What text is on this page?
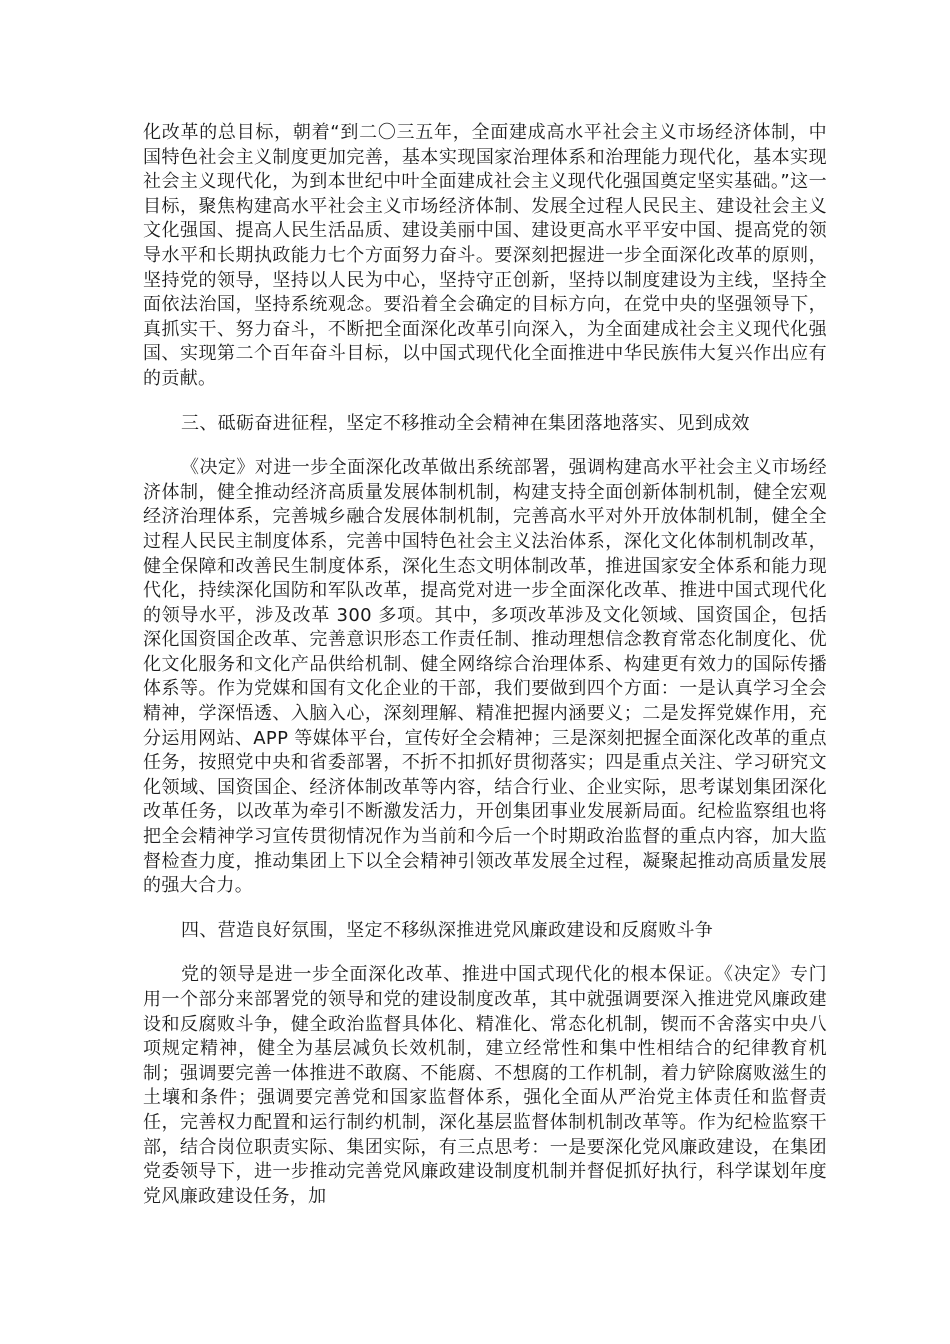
化改革的总目标，朝着“到二〇三五年，全面建成高水平社会主义市场经济体制，中国特色社会主义制度更加完善，基本实现国家治理体系和治理能力现代化，基本实现社会主义现代化，为到本世纪中叶全面建成社会主义现代化强国奠定坚实基础。”这一目标，聚焦构建高水平社会主义市场经济体制、发展全过程人民民主、建设社会主义文化强国、提高人民生活品质、建设美丽中国、建设更高水平平安中国、提高党的领导水平和长期执政能力七个方面努力奋斗。要深刻把握进一步全面深化改革的原则，坚持党的领导，坚持以人民为中心，坚持守正创新，坚持以制度建设为主线，坚持全面依法治国，坚持系统观念。要沿着全会确定的目标方向，在党中央的坚强领导下，真抓实干、努力奋斗，不断把全面深化改革引向深入，为全面建成社会主义现代化强国、实现第二个百年奋斗目标，以中国式现代化全面推进中华民族伟大复兴作出应有的贡献。

三、砥砺奋进征程，坚定不移推动全会精神在集团落地落实、见到成效

《决定》对进一步全面深化改革做出系统部署，强调构建高水平社会主义市场经济体制，健全推动经济高质量发展体制机制，构建支持全面创新体制机制，健全宏观经济治理体系，完善城乡融合发展体制机制，完善高水平对外开放体制机制，健全全过程人民民主制度体系，完善中国特色社会主义法治体系，深化文化体制机制改革，健全保障和改善民生制度体系，深化生态文明体制改革，推进国家安全体系和能力现代化，持续深化国防和军队改革，提高党对进一步全面深化改革、推进中国式现代化的领导水平，涉及改革 300 多项。其中，多项改革涉及文化领域、国资国企，包括深化国资国企改革、完善意识形态工作责任制、推动理想信念教育常态化制度化、优化文化服务和文化产品供给机制、健全网络综合治理体系、构建更有效力的国际传播体系等。作为党媒和国有文化企业的干部，我们要做到四个方面：一是认真学习全会精神，学深悟透、入脑入心，深刻理解、精准把握内涵要义；二是发挥党媒作用，充分运用网站、APP 等媒体平台，宣传好全会精神；三是深刻把握全面深化改革的重点任务，按照党中央和省委部署，不折不扣抓好贯彻落实；四是重点关注、学习研究文化领域、国资国企、经济体制改革等内容，结合行业、企业实际，思考谋划集团深化改革任务，以改革为牵引不断激发活力，开创集团事业发展新局面。纪检监察组也将把全会精神学习宣传贯彻情况作为当前和今后一个时期政治监督的重点内容，加大监督检查力度，推动集团上下以全会精神引领改革发展全过程，凝聚起推动高质量发展的强大合力。

四、营造良好氛围，坚定不移纵深推进党风廉政建设和反腐败斗争

党的领导是进一步全面深化改革、推进中国式现代化的根本保证。《决定》专门用一个部分来部署党的领导和党的建设制度改革，其中就强调要深入推进党风廉政建设和反腐败斗争，健全政治监督具体化、精准化、常态化机制，锲而不舍落实中央八项规定精神，健全为基层减负长效机制，建立经常性和集中性相结合的纪律教育机制；强调要完善一体推进不敢腐、不能腐、不想腐的工作机制，着力铲除腐败滋生的土壤和条件；强调要完善党和国家监督体系，强化全面从严治党主体责任和监督责任，完善权力配置和运行制约机制，深化基层监督体制机制改革等。作为纪检监察干部，结合岗位职责实际、集团实际，有三点思考：一是要深化党风廉政建设，在集团党委领导下，进一步推动完善党风廉政建设制度机制并督促抓好执行，科学谋划年度党风廉政建设任务，加
